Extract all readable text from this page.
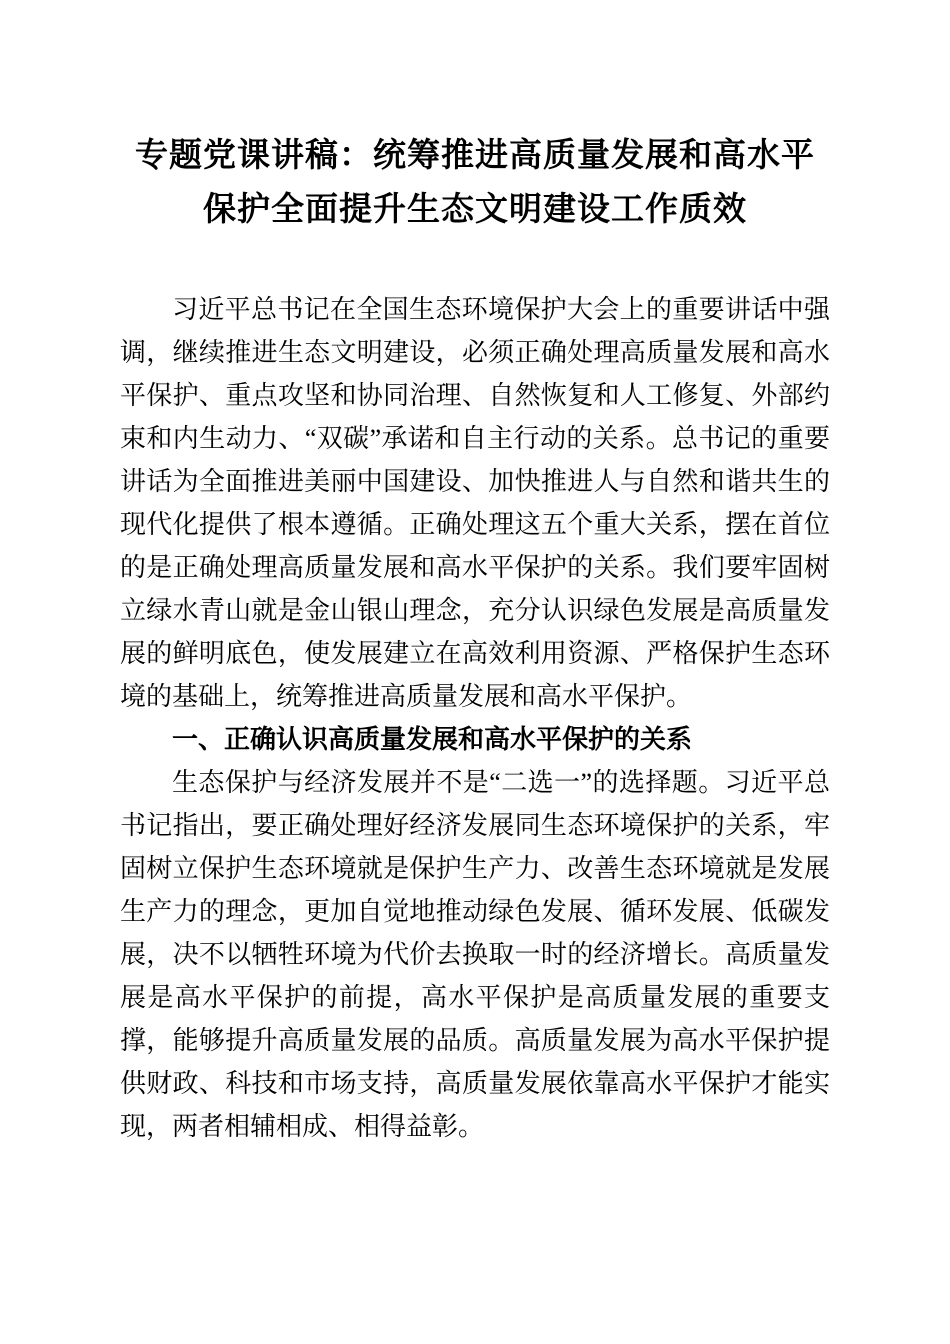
专题党课讲稿：统筹推进高质量发展和高水平
保护全面提升生态文明建设工作质效

习近平总书记在全国生态环境保护大会上的重要讲话中强调，继续推进生态文明建设，必须正确处理高质量发展和高水平保护、重点攻坚和协同治理、自然恢复和人工修复、外部约束和内生动力、“双碳”承诺和自主行动的关系。总书记的重要讲话为全面推进美丽中国建设、加快推进人与自然和谐共生的现代化提供了根本遵循。正确处理这五个重大关系，摆在首位的是正确处理高质量发展和高水平保护的关系。我们要牢固树立绿水青山就是金山银山理念，充分认识绿色发展是高质量发展的鲜明底色，使发展建立在高效利用资源、严格保护生态环境的基础上，统筹推进高质量发展和高水平保护。

一、正确认识高质量发展和高水平保护的关系

生态保护与经济发展并不是“二选一”的选择题。习近平总书记指出，要正确处理好经济发展同生态环境保护的关系，牢固树立保护生态环境就是保护生产力、改善生态环境就是发展生产力的理念，更加自觉地推动绿色发展、循环发展、低碳发展，决不以牺牲环境为代价去换取一时的经济增长。高质量发展是高水平保护的前提，高水平保护是高质量发展的重要支撑，能够提升高质量发展的品质。高质量发展为高水平保护提供财政、科技和市场支持，高质量发展依靠高水平保护才能实现，两者相辅相成、相得益彰。
